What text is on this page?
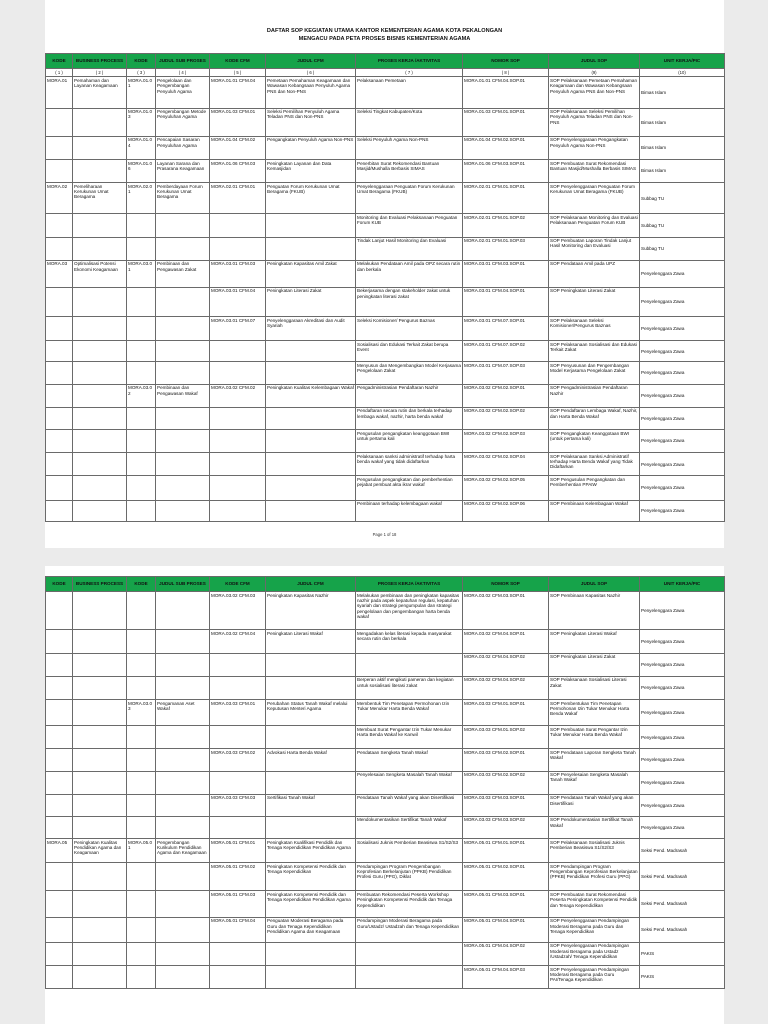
DAFTAR SOP KEGIATAN UTAMA KANTOR KEMENTERIAN AGAMA KOTA PEKALONGAN
MENGACU PADA PETA PROSES BISNIS KEMENTERIAN AGAMA
KODE	BUSINESS PROCESS	KODE	JUDUL SUB PROSES	KODE CFM	JUDUL CFM	PROSES KERJA /AKTIVITAS	NOMOR SOP	JUDUL SOP	UNIT KERJA/PIC
( 1 )	( 2 )	( 3 )	( 4 )	( 5 )	( 6 )	( 7 )	( 8 )	(9)	(10)
MORA.01	Pemahaman dan Layanan Keagamaan	MORA.01.01	Pengelolaan dan Pengembangan Penyuluh Agama	MORA.01.01 CFM.04	Pemetaan Pemahaman Keagamaan dan Wawasan Kebangsaan Penyuluh Agama PNS dan Non-PNS	Pelaksanaan Pemetaan	MORA.01.01 CFM.04.SOP.01	SOP Pelaksanaan Pemetaan Pemahaman Keagamaan dan Wawasan Kebangsaan Penyuluh Agama PNS dan Non-PNS	Bimas Islam
		MORA.01.03	Pengembangan Metode Penyuluhan Agama	MORA.01.03 CFM.01	Seleksi Pemilihan Penyuluh Agama Teladan PNS dan Non-PNS	Seleksi Tingkat Kabupaten/Kota	MORA.01.03 CFM.01.SOP.01	SOP Pelaksanaan Seleksi Pemilihan Penyuluh Agama Teladan PNS dan Non-PNS	Bimas Islam
		MORA.01.04	Pencapaian Sasaran Penyuluhan Agama	MORA.01.04 CFM.02	Pengangkatan Penyuluh Agama Non-PNS	Seleksi Penyuluh Agama Non-PNS	MORA.01.04 CFM.02.SOP.01	SOP Penyelenggaraan Pengangkatan Penyuluh Agama Non-PNS	Bimas Islam
		MORA.01.06	Layanan Sarana dan Prasarana Keagamaan	MORA.01.06 CFM.03	Peningkatan Layanan dan Data Kemasjidan	Penerbitan Surat Rekomendasi Bantuan Masjid/Mushalla Berbasis SIMAS	MORA.01.06 CFM.03.SOP.01	SOP Pembuatan Surat Rekomendasi Bantuan Masjid/Mushalla Berbasis SIMAS	Bimas Islam
MORA.02	Pemeliharaan Kerukunan Umat Beragama	MORA.02.01	Pemberdayaan Forum Kerukunan Umat Beragama	MORA.02.01 CFM.01	Penguatan Forum Kerukunan Umat Beragama (FKUB)	Penyelenggaraan Penguatan Forum Kerukunan Umat Beragama (FKUB)	MORA.02.01 CFM.01.SOP.01	SOP Penyelenggaraan Penguatan Forum Kerukunan Umat Beragama (FKUB)	Subbag TU
						Monitoring dan Evaluasi Pelaksanaan Penguatan Forum KUB	MORA.02.01 CFM.01.SOP.02	SOP Pelaksanaan Monitoring dan Evaluasi Pelaksanaan Penguatan Forum KUB	Subbag TU
						Tindak Lanjut Hasil Monitoring dan Evaluasi	MORA.02.01 CFM.01.SOP.03	SOP Pembuatan Laporan Tindak Lanjut Hasil Monitoring dan Evaluasi	Subbag TU
MORA.03	Optimalisasi Potensi Ekonomi Keagamaan	MORA.03.01	Pembinaan dan Pengawasan Zakat	MORA.03.01 CFM.03	Peningkatan Kapasitas Amil Zakat	Melakukan Pendataan Amil pada OPZ secara rutin dan berkala	MORA.03.01 CFM.03.SOP.01	SOP Pendataan Amil pada UPZ	Penyelenggara Zawa
				MORA.03.01 CFM.04	Peningkatan Literasi Zakat	Bekerjasama dengan stakeholder zakat untuk peningkatan literasi zakat	MORA.03.01 CFM.04.SOP.01	SOP Peningkatan Literasi Zakat	Penyelenggara Zawa
				MORA.03.01 CFM.07	Penyelenggaraan Akreditasi dan Audit Syariah	Seleksi Komisioner/ Pengurus Baznas	MORA.03.01 CFM.07.SOP.01	SOP Pelaksanaan Seleksi Komisioner/Pengurus Baznas	Penyelenggara Zawa
						Sosialisasi dan Edukasi Terkait Zakat berupa Event	MORA.03.01 CFM.07.SOP.02	SOP Pelaksanaan Sosialisasi dan Edukasi Terkait Zakat	Penyelenggara Zawa
						Menyusun dan Mengembangkan Model Kerjasama Pengelolaan Zakat	MORA.03.01 CFM.07.SOP.03	SOP Penyusunan dan Pengembangan Model Kerjasama Pengelolaan Zakat	Penyelenggara Zawa
		MORA.03.02	Pembinaan dan Pengawasan Wakaf	MORA.03.02 CFM.02	Peningkatan Kualitas Kelembagaan Wakaf	Pengadministrasian Pendaftaran Nazhir	MORA.03.02 CFM.02.SOP.01	SOP Pengadministrasian Pendaftaran Nazhir	Penyelenggara Zawa
						Pendaftaran secara rutin dan berkala terhadap lembaga wakaf, nazhir, harta benda wakaf	MORA.03.02 CFM.02.SOP.02	SOP Pendaftaran Lembaga Wakaf, Nazhir, dan Harta Benda Wakaf	Penyelenggara Zawa
						Pengusulan pengangkatan keanggotaan BWI untuk pertama kali	MORA.03.02 CFM.02.SOP.03	SOP Pengangkatan Keanggotaan BWI (untuk pertama kali)	Penyelenggara Zawa
						Pelaksanaan sanksi administratif terhadap harta benda wakaf yang tidak didaftarkan	MORA.03.02 CFM.02.SOP.04	SOP Pelaksanaan Sanksi Administratif terhadap Harta Benda Wakaf yang Tidak Didaftarkan	Penyelenggara Zawa
						Pengusulan pengangkatan dan pemberhentian pejabat pembuat akta ikrar wakaf	MORA.03.02 CFM.02.SOP.05	SOP Pengusulan Pengangkatan dan Pemberhentian PPAIW	Penyelenggara Zawa
						Pembinaan terhadap kelembagaan wakaf	MORA.03.02 CFM.02.SOP.06	SOP Pembinaan Kelembagaan Wakaf	Penyelenggara Zawa
Page 1 of 18
KODE	BUSINESS PROCESS	KODE	JUDUL SUB PROSES	KODE CFM	JUDUL CFM	PROSES KERJA /AKTIVITAS	NOMOR SOP	JUDUL SOP	UNIT KERJA/PIC
				MORA.03.02 CFM.03	Peningkatan Kapasitas Nazhir	Melakukan pembinaan dan peningkatan kapasitas nazhir pada aspek kepatuhan regulasi, kepatuhan syariah dan strategi pengumpulan dan strategi pengelolaan dan pengembangan harta benda wakaf	MORA.03.02 CFM.03.SOP.01	SOP Pembinaan Kapasitas Nazhir	Penyelenggara Zawa
				MORA.03.02 CFM.04	Peningkatan Literasi Wakaf	Mengadakan kelas literasi kepada masyarakat secara rutin dan berkala	MORA.03.02 CFM.04.SOP.01	SOP Peningkatan Literasi Wakaf	Penyelenggara Zawa
							MORA.03.02 CFM.04.SOP.02	SOP Peningkatan Literasi Zakat	Penyelenggara Zawa
						Berperan aktif mengikuti pameran dan kegiatan untuk sosialisasi literasi zakat	MORA.03.02 CFM.04.SOP.02	SOP Pelaksanaan Sosialisasi Literasi Zakat	Penyelenggara Zawa
		MORA.03.03	Pengamanan Aset Wakaf	MORA.03.03 CFM.01	Perubahan Status Tanah Wakaf melalui Keputusan Menteri Agama	Membentuk Tim Penetapan Permohonan Izin Tukar Menukar Harta Benda Wakaf	MORA.03.03 CFM.01.SOP.01	SOP Pembentukan Tim Penetapan Permohonan Izin Tukar Menukar Harta Benda Wakaf	Penyelenggara Zawa
						Membuat Surat Pengantar Izin Tukar Menukar Harta Benda Wakaf ke Kanwil	MORA.03.03 CFM.01.SOP.02	SOP Pembuatan Surat Pengantar Izin Tukar Menukar Harta Benda Wakaf	Penyelenggara Zawa
				MORA.03.03 CFM.02	Advokasi Harta Benda Wakaf	Pendataan Sengketa Tanah Wakaf	MORA.03.03 CFM.02.SOP.01	SOP Pendataan Laporan Sengketa Tanah Wakaf	Penyelenggara Zawa
						Penyelesaian Sengketa Masalah Tanah Wakaf	MORA.03.03 CFM.02.SOP.02	SOP Penyelesaian Sengketa Masalah Tanah Wakaf	Penyelenggara Zawa
				MORA.03.03 CFM.03	Sertifikasi Tanah Wakaf	Pendataan Tanah Wakaf yang akan Disertifikasi	MORA.03.03 CFM.03.SOP.01	SOP Pendataan Tanah Wakaf yang akan Disertifikasi	Penyelenggara Zawa
						Mendokumentasikan Sertifikat Tanah Wakaf	MORA.03.03 CFM.03.SOP.02	SOP Pendokumentasian Sertifikat Tanah Wakaf	Penyelenggara Zawa
MORA.05	Peningkatan Kualitas Pendidikan Agama dan Keagamaan	MORA.05.01	Pengembangan Kurikulum Pendidikan Agama dan Keagamaan	MORA.05.01 CFM.01	Peningkatan Kualifikasi Pendidik dan Tenaga Kependidikan Pendidikan Agama	Sosialisasi Juknis Pemberian Beasiswa S1/S2/S3	MORA.05.01 CFM.01.SOP.01	SOP Pelaksanaan Sosialisasi Juknis Pemberian Beasiswa S1/S2/S3	Seksi Pend. Madrasah
				MORA.05.01 CFM.02	Peningkatan Kompetensi Pendidik dan Tenaga Kependidikan	Pendampingan Program Pengembangan Keprofesian Berkelanjutan (PPKB) Pendidikan Profesi Guru (PPG), Diklat	MORA.05.01 CFM.02.SOP.01	SOP Pendampingan Program Pengembangan Keprofesian Berkelanjutan (PPKB) Pendidikan Profesi Guru (PPG)	Seksi Pend. Madrasah
				MORA.05.01 CFM.03	Peningkatan Kompetensi Pendidik dan Tenaga Kependidikan Pendidikan Agama	Pembuatan Rekomendasi Peserta Workshop Peningkatan Kompetensi Pendidik dan Tenaga Kependidikan	MORA.05.01 CFM.03.SOP.01	SOP Pembuatan Surat Rekomendasi Peserta Peningkatan Kompetensi Pendidik dan Tenaga Kependidikan	Seksi Pend. Madrasah
				MORA.05.01 CFM.04	Penguatan Moderasi Beragama pada Guru dan Tenaga Kependidikan Pendidikan Agama dan Keagamaan	Pendampingan Moderasi Beragama pada Guru/Ustadz/ Ustadzah dan Tenaga Kependidikan	MORA.05.01 CFM.04.SOP.01	SOP Penyelenggaraan Pendampingan Moderasi Beragama pada Guru dan Tenaga Kependidikan	Seksi Pend. Madrasah
							MORA.05.01 CFM.04.SOP.02	SOP Penyelenggaraan Pendampingan Moderasi Beragama pada Ustadz /Ustadzah/ Tenaga Kependidikan	PAKIS
							MORA.05.01 CFM.04.SOP.03	SOP Penyelenggaraan Pendampingan Moderasi Beragama pada Guru PAI/Tenaga Kependidikan	PAKIS
